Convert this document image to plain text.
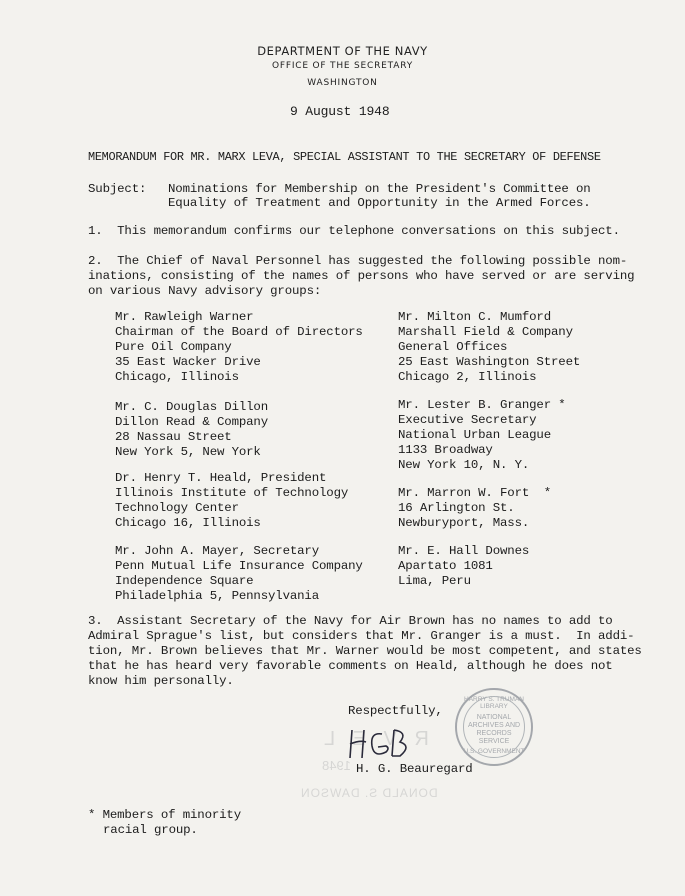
DEPARTMENT OF THE NAVY
OFFICE OF THE SECRETARY
WASHINGTON
9 August 1948
MEMORANDUM FOR MR. MARX LEVA, SPECIAL ASSISTANT TO THE SECRETARY OF DEFENSE
Subject: Nominations for Membership on the President's Committee on
Equality of Treatment and Opportunity in the Armed Forces.
1.  This memorandum confirms our telephone conversations on this subject.
2.  The Chief of Naval Personnel has suggested the following possible nom-
inations, consisting of the names of persons who have served or are serving
on various Navy advisory groups:
Mr. Rawleigh Warner
Chairman of the Board of Directors
Pure Oil Company
35 East Wacker Drive
Chicago, Illinois
Mr. C. Douglas Dillon
Dillon Read & Company
28 Nassau Street
New York 5, New York
Dr. Henry T. Heald, President
Illinois Institute of Technology
Technology Center
Chicago 16, Illinois
Mr. John A. Mayer, Secretary
Penn Mutual Life Insurance Company
Independence Square
Philadelphia 5, Pennsylvania
Mr. Milton C. Mumford
Marshall Field & Company
General Offices
25 East Washington Street
Chicago 2, Illinois
Mr. Lester B. Granger *
Executive Secretary
National Urban League
1133 Broadway
New York 10, N. Y.
Mr. Marron W. Fort  *
16 Arlington St.
Newburyport, Mass.
Mr. E. Hall Downes
Apartato 1081
Lima, Peru
3.  Assistant Secretary of the Navy for Air Brown has no names to add to
Admiral Sprague's list, but considers that Mr. Granger is a must.  In addi-
tion, Mr. Brown believes that Mr. Warner would be most competent, and states
that he has heard very favorable comments on Heald, although he does not
know him personally.
Respectfully,
R V E L
1948
DONALD S. DAWSON
H. G. Beauregard
HARRY S. TRUMAN LIBRARY
NATIONAL
ARCHIVES AND
RECORDS
SERVICE
U.S. GOVERNMENT
* Members of minority
racial group.
